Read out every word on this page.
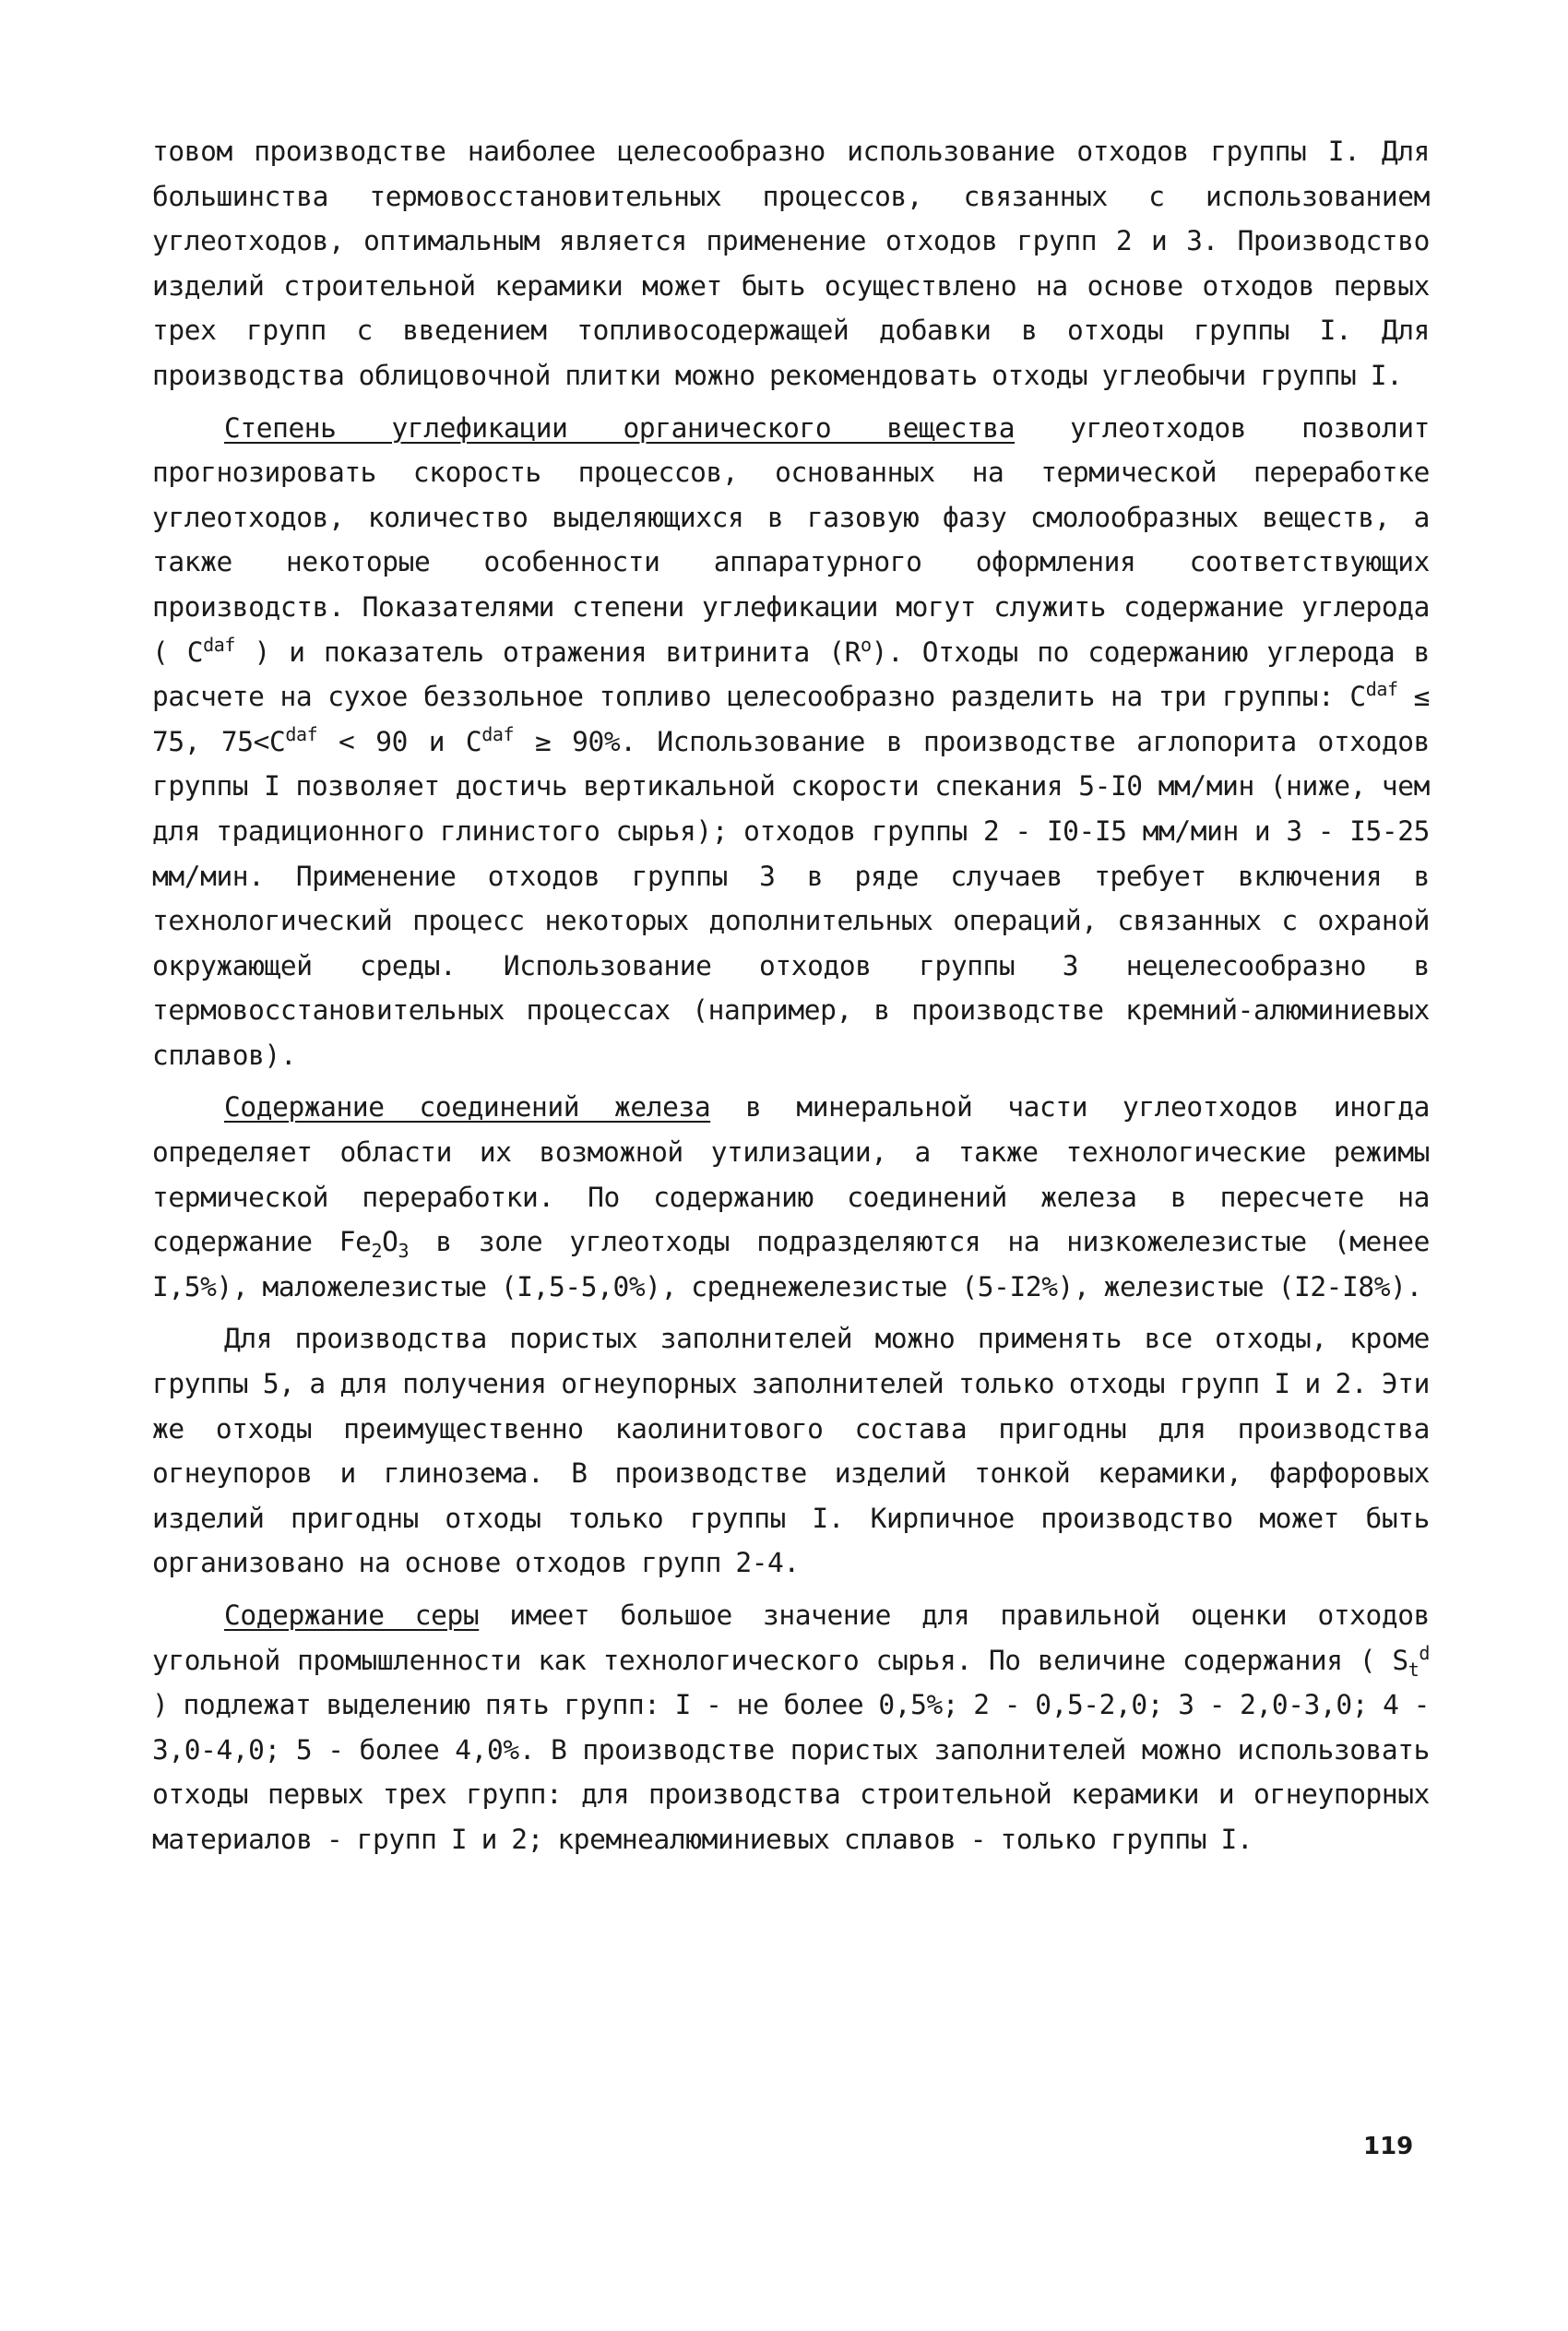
товом производстве наиболее целесообразно использование отходов группы I. Для большинства термовосстановительных процессов, связанных с использованием углеотходов, оптимальным является применение отходов групп 2 и 3. Производство изделий строительной керамики может быть осуществлено на основе отходов первых трех групп с введением топливосодержащей добавки в отходы группы I. Для производства облицовочной плитки можно рекомендовать отходы углеобычи группы I.

Степень углефикации органического вещества углеотходов позволит прогнозировать скорость процессов, основанных на термической переработке углеотходов, количество выделяющихся в газовую фазу смолообразных веществ, а также некоторые особенности аппаратурного оформления соответствующих производств. Показателями степени углефикации могут служить содержание углерода ( $C^{daf}$ ) и показатель отражения витринита $(R^o)$. Отходы по содержанию углерода в расчете на сухое беззольное топливо целесообразно разделить на три группы: $C^{daf} \le 75$, $75<C^{daf} < 90$ и $C^{daf} \ge 90\%$. Использование в производстве аглопорита отходов группы I позволяет достичь вертикальной скорости спекания 5-I0 мм/мин (ниже, чем для традиционного глинистого сырья); отходов группы 2 - I0-I5 мм/мин и 3 - I5-25 мм/мин. Применение отходов группы 3 в ряде случаев требует включения в технологический процесс некоторых дополнительных операций, связанных с охраной окружающей среды. Использование отходов группы 3 нецелесообразно в термовосстановительных процессах (например, в производстве кремний-алюминиевых сплавов).

Содержание соединений железа в минеральной части углеотходов иногда определяет области их возможной утилизации, а также технологические режимы термической переработки. По содержанию соединений железа в пересчете на содержание $Fe_2O_3$ в золе углеотходы подразделяются на низкожелезистые (менее I,5%), маложелезистые (I,5-5,0%), среднежелезистые (5-I2%), железистые (I2-I8%).

Для производства пористых заполнителей можно применять все отходы, кроме группы 5, а для получения огнеупорных заполнителей только отходы групп I и 2. Эти же отходы преимущественно каолинитового состава пригодны для производства огнеупоров и глинозема. В производстве изделий тонкой керамики, фарфоровых изделий пригодны отходы только группы I. Кирпичное производство может быть организовано на основе отходов групп 2-4.

Содержание серы имеет большое значение для правильной оценки отходов угольной промышленности как технологического сырья. По величине содержания ( $S_t^d$ ) подлежат выделению пять групп: I - не более 0,5%; 2 - 0,5-2,0; 3 - 2,0-3,0; 4 - 3,0-4,0; 5 - более 4,0%. В производстве пористых заполнителей можно использовать отходы первых трех групп: для производства строительной керамики и огнеупорных материалов - групп I и 2; кремнеалюминиевых сплавов - только группы I.

119
